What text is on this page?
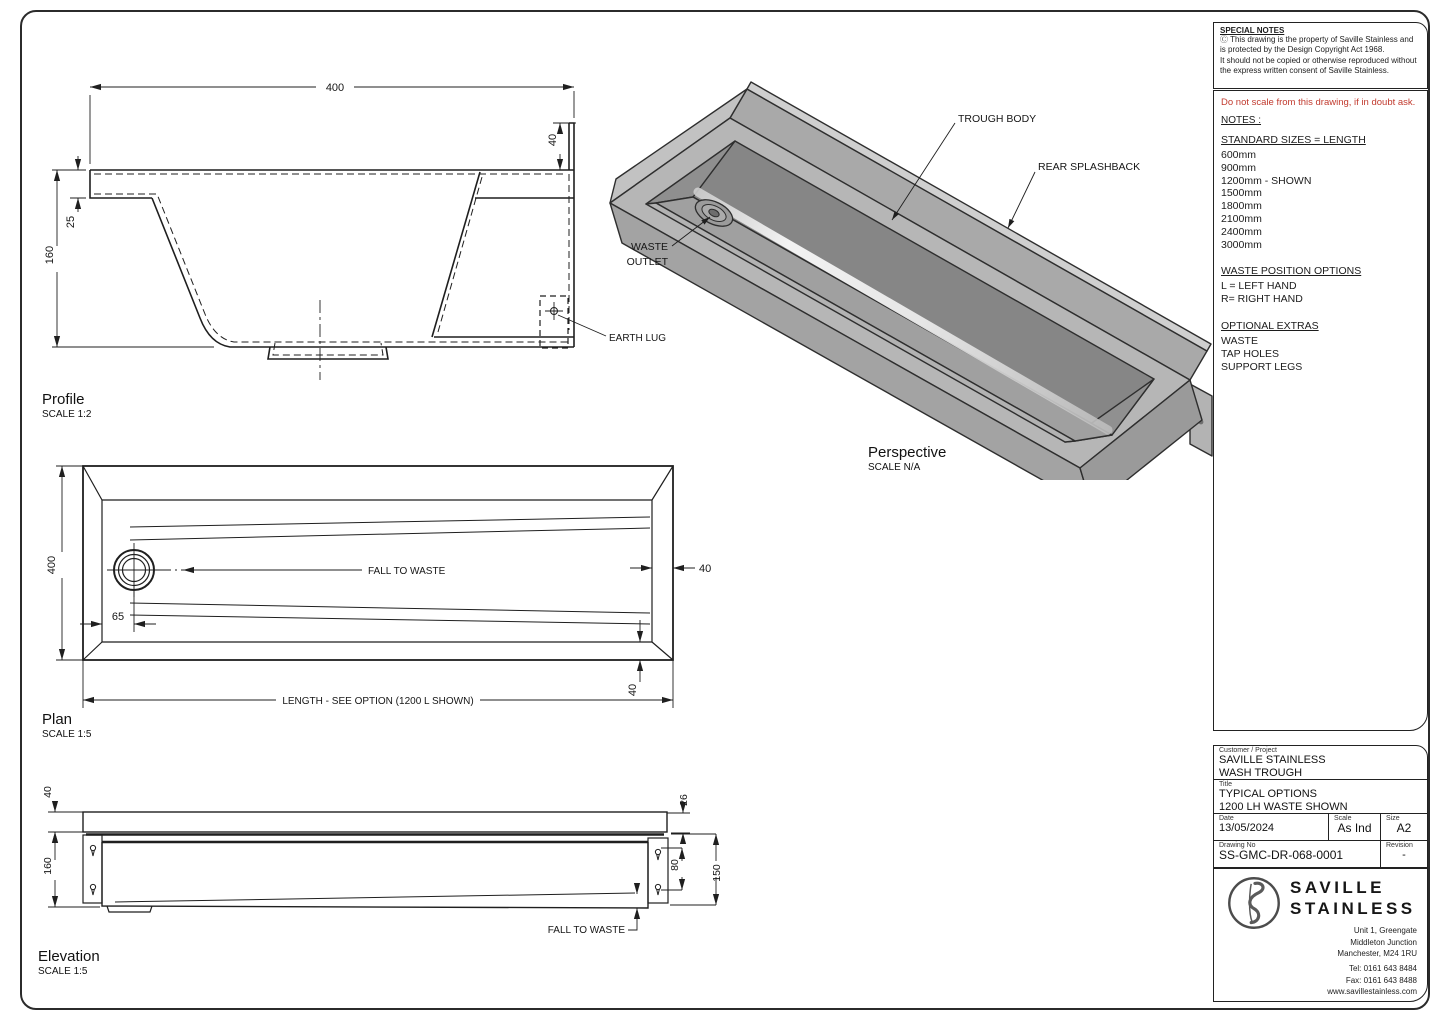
EARTH LUG
400
40
25
160
Profile
SCALE 1:2
TROUGH BODY
REAR SPLASHBACK
WASTE
OUTLET
Perspective
SCALE N/A
FALL TO WASTE
400
65
40
40
LENGTH - SEE OPTION (1200 L SHOWN)
Plan
SCALE 1:5
40
160
26
80	150
FALL TO WASTE
Elevation
SCALE 1:5
SPECIAL NOTES
Ⓒ This drawing is the property of Saville Stainless and
is protected by the Design Copyright Act 1968.
It should not be copied or otherwise reproduced without
the express written consent of Saville Stainless.
Do not scale from this drawing, if in doubt ask.
NOTES :
STANDARD SIZES = LENGTH
600mm
900mm
1200mm - SHOWN
1500mm
1800mm
2100mm
2400mm
3000mm
WASTE POSITION OPTIONS
L = LEFT HAND
R= RIGHT HAND
OPTIONAL EXTRAS
WASTE
TAP HOLES
SUPPORT LEGS
Customer / Project
SAVILLE STAINLESS
WASH TROUGH
Title
TYPICAL OPTIONS
1200 LH WASTE SHOWN
Date
13/05/2024
Scale
As Ind
Size
A2
Drawing No
SS-GMC-DR-068-0001
Revision
-
SAVILLE
STAINLESS
Unit 1, Greengate
Middleton Junction
Manchester, M24 1RU
Tel: 0161 643 8484
Fax: 0161 643 8488
www.savillestainless.com
